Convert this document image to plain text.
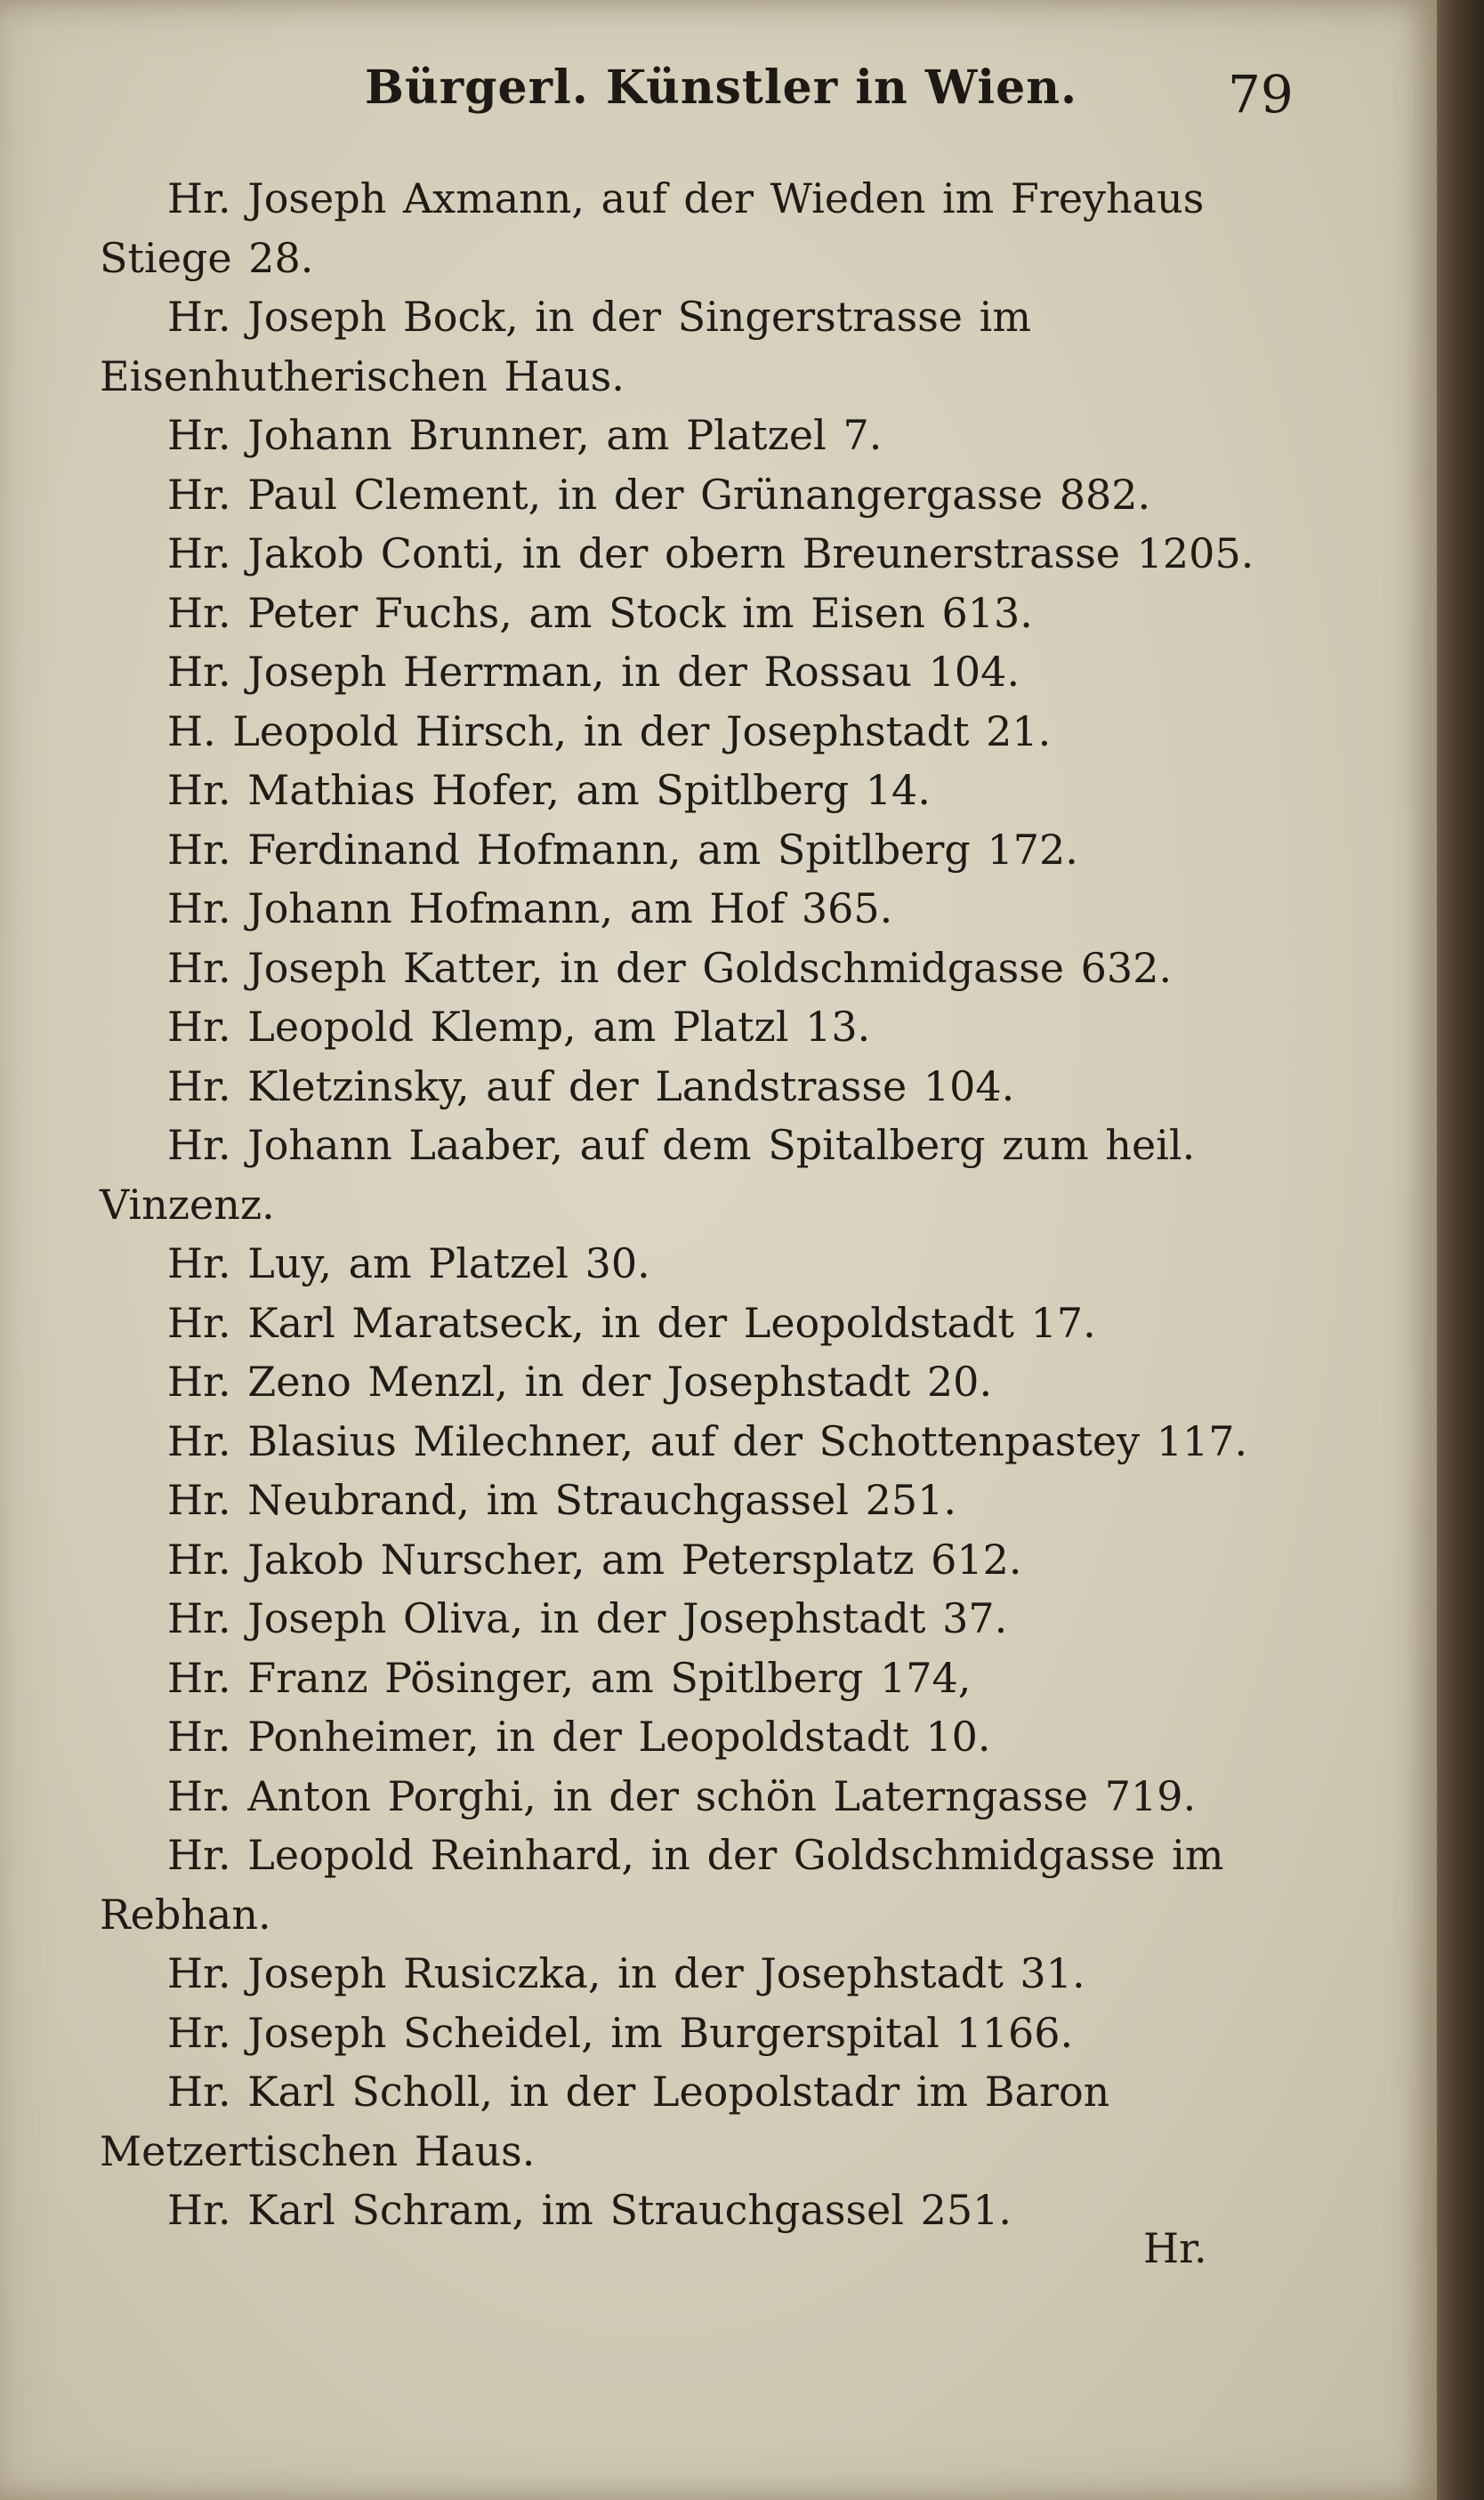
Bürgerl. Künstler in Wien.	79
Hr. Joseph Axmann, auf der Wieden im Freyhaus Stiege 28.
Hr. Joseph Bock, in der Singerstrasse im Eisenhutherischen Haus.
Hr. Johann Brunner, am Platzel 7.
Hr. Paul Clement, in der Grünangergasse 882.
Hr. Jakob Conti, in der obern Breunerstrasse 1205.
Hr. Peter Fuchs, am Stock im Eisen 613.
Hr. Joseph Herrman, in der Rossau 104.
H. Leopold Hirsch, in der Josephstadt 21.
Hr. Mathias Hofer, am Spitlberg 14.
Hr. Ferdinand Hofmann, am Spitlberg 172.
Hr. Johann Hofmann, am Hof 365.
Hr. Joseph Katter, in der Goldschmidgasse 632.
Hr. Leopold Klemp, am Platzl 13.
Hr. Kletzinsky, auf der Landstrasse 104.
Hr. Johann Laaber, auf dem Spitalberg zum heil. Vinzenz.
Hr. Luy, am Platzel 30.
Hr. Karl Maratseck, in der Leopoldstadt 17.
Hr. Zeno Menzl, in der Josephstadt 20.
Hr. Blasius Milechner, auf der Schottenpastey 117.
Hr. Neubrand, im Strauchgassel 251.
Hr. Jakob Nurscher, am Petersplatz 612.
Hr. Joseph Oliva, in der Josephstadt 37.
Hr. Franz Pösinger, am Spitlberg 174,
Hr. Ponheimer, in der Leopoldstadt 10.
Hr. Anton Porghi, in der schön Laterngasse 719.
Hr. Leopold Reinhard, in der Goldschmidgasse im Rebhan.
Hr. Joseph Rusiczka, in der Josephstadt 31.
Hr. Joseph Scheidel, im Burgerspital 1166.
Hr. Karl Scholl, in der Leopolstadr im Baron Metzertischen Haus.
Hr. Karl Schram, im Strauchgassel 251.
Hr.
